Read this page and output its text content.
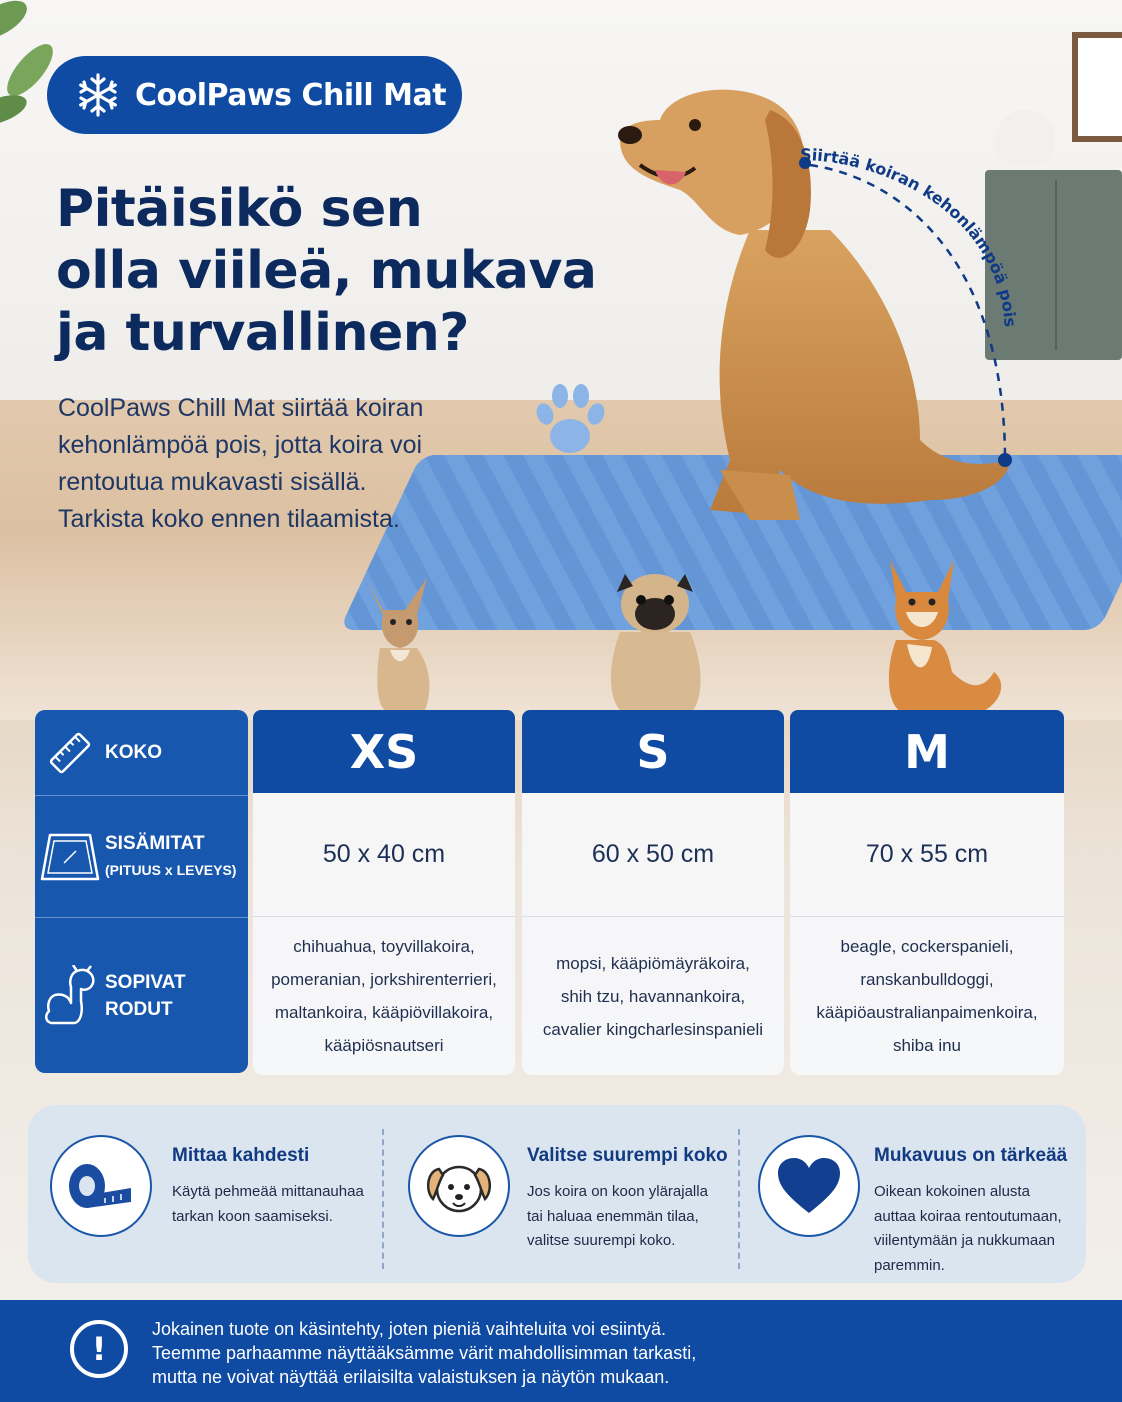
CoolPaws Chill Mat
Pitäisikö sen
olla viileä, mukava
ja turvallinen?
CoolPaws Chill Mat siirtää koiran
kehonlämpöä pois, jotta koira voi
rentoutua mukavasti sisällä.
Tarkista koko ennen tilaamista.
Siirtää koiran kehonlämpöä pois
KOKO
SISÄMITAT
(PITUUS x LEVEYS)
SOPIVAT
RODUT
XS
50 x 40 cm
chihuahua, toyvillakoira,
pomeranian, jorkshirenterrieri,
maltankoira, kääpiövillakoira,
kääpiösnautseri
S
60 x 50 cm
mopsi, kääpiömäyräkoira,
shih tzu, havannankoira,
cavalier kingcharlesinspanieli
M
70 x 55 cm
beagle, cockerspanieli,
ranskanbulldoggi,
kääpiöaustralianpaimenkoira,
shiba inu
Mittaa kahdesti
Käytä pehmeää mittanauhaa
tarkan koon saamiseksi.
Valitse suurempi koko
Jos koira on koon ylärajalla
tai haluaa enemmän tilaa,
valitse suurempi koko.
Mukavuus on tärkeää
Oikean kokoinen alusta
auttaa koiraa rentoutumaan,
viilentymään ja nukkumaan
paremmin.
!
Jokainen tuote on käsintehty, joten pieniä vaihteluita voi esiintyä.
Teemme parhaamme näyttääksämme värit mahdollisimman tarkasti,
mutta ne voivat näyttää erilaisilta valaistuksen ja näytön mukaan.
